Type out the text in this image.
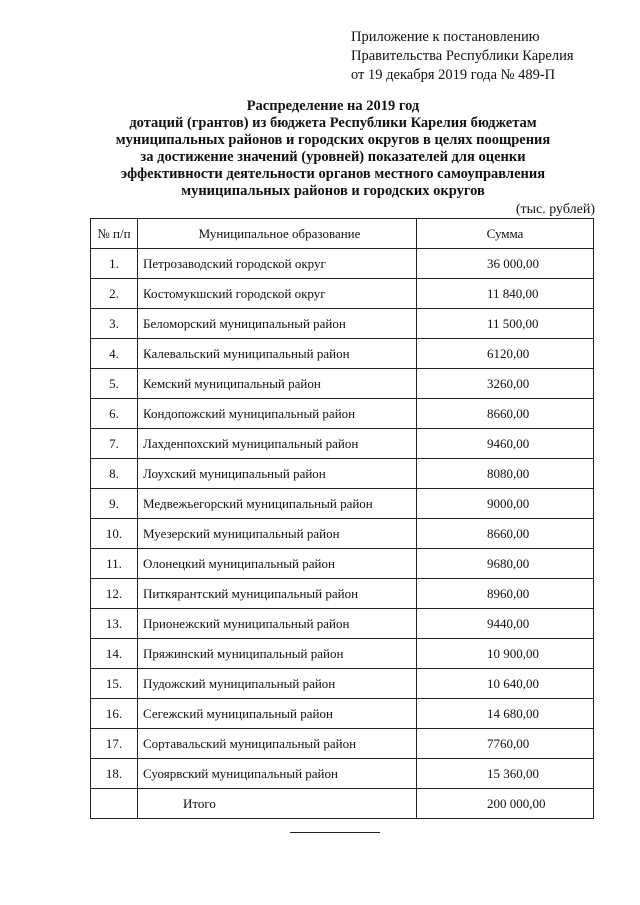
Приложение к постановлению
Правительства Республики Карелия
от 19 декабря 2019 года № 489-П
Распределение на 2019 год
дотаций (грантов) из бюджета Республики Карелия бюджетам
муниципальных районов и городских округов в целях поощрения
за достижение значений (уровней) показателей для оценки
эффективности деятельности органов местного самоуправления
муниципальных районов и городских округов
(тыс. рублей)
№ п/п	Муниципальное образование	Сумма
1.	Петрозаводский городской округ	36 000,00

2.	Костомукшский городской округ	11 840,00

3.	Беломорский муниципальный район	11 500,00

4.	Калевальский муниципальный район	6120,00

5.	Кемский муниципальный район	3260,00

6.	Кондопожский муниципальный район	8660,00

7.	Лахденпохский муниципальный район	9460,00

8.	Лоухский муниципальный район	8080,00

9.	Медвежьегорский муниципальный район	9000,00

10.	Муезерский муниципальный район	8660,00

11.	Олонецкий муниципальный район	9680,00

12.	Питкярантский муниципальный район	8960,00

13.	Прионежский муниципальный район	9440,00

14.	Пряжинский муниципальный район	10 900,00

15.	Пудожский муниципальный район	10 640,00

16.	Сегежский муниципальный район	14 680,00

17.	Сортавальский муниципальный район	7760,00

18.	Суоярвский муниципальный район	15 360,00

	Итого	200 000,00
